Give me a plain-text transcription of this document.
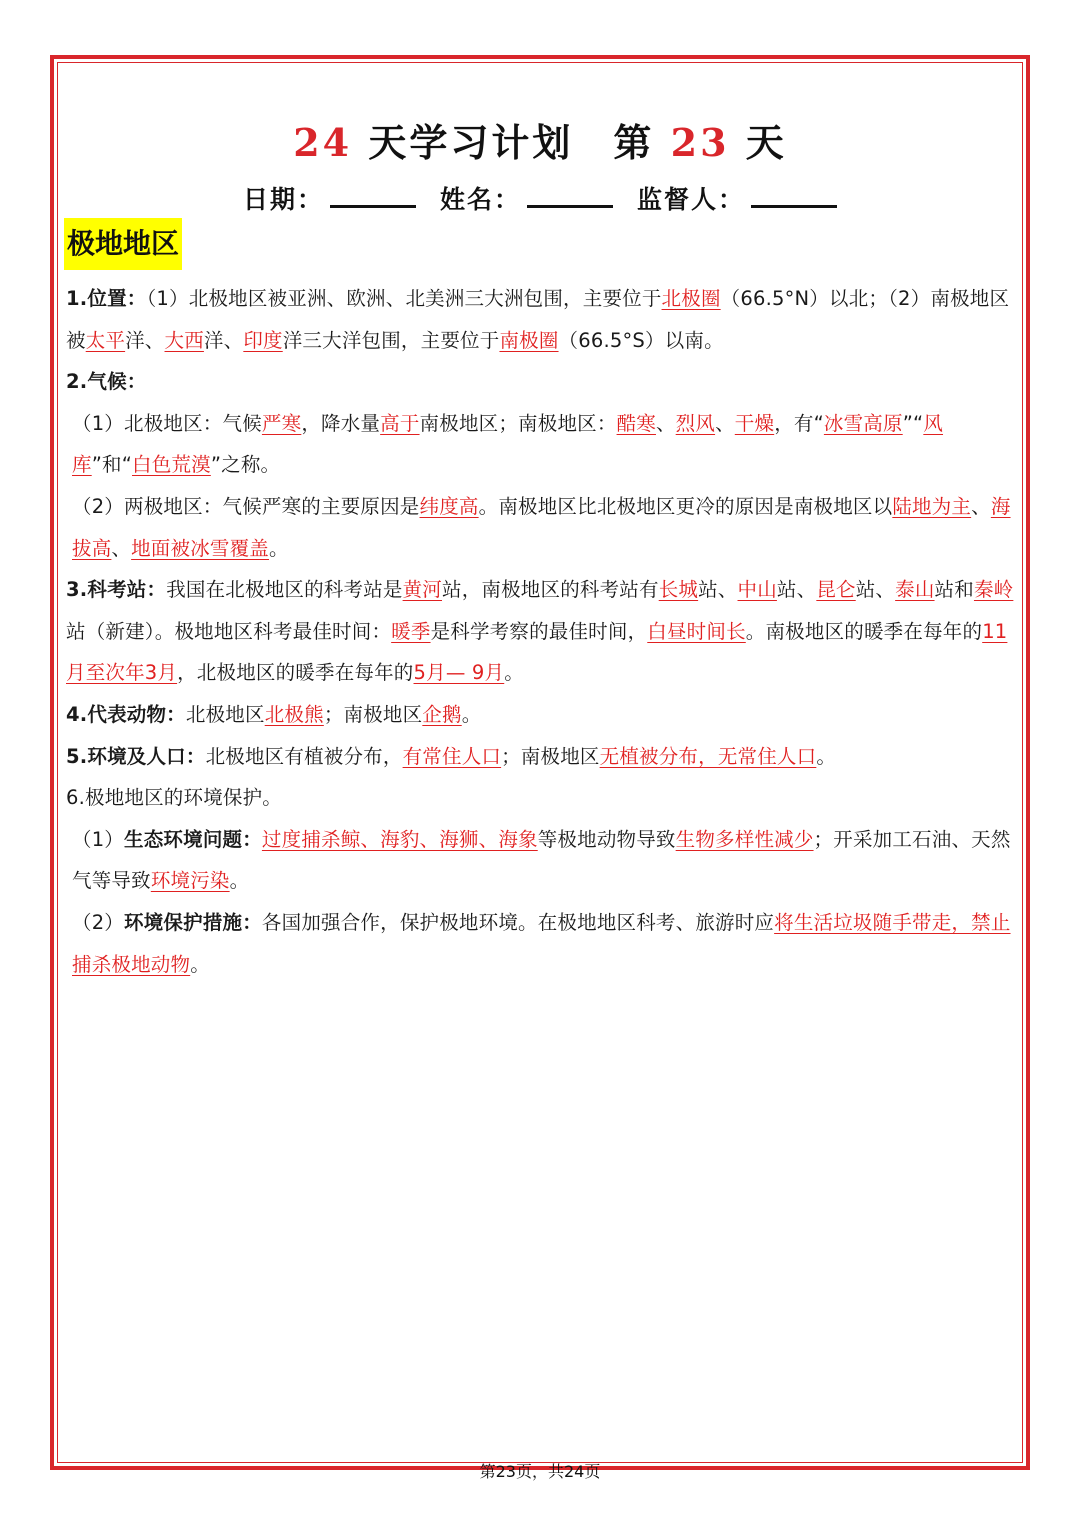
24 天学习计划 第 23 天
日期：	姓名：	监督人：
极地地区

1.位置：（1）北极地区被亚洲、欧洲、北美洲三大洲包围，主要位于北极圈（66.5°N）以北；（2）南极地区被太平洋、大西洋、印度洋三大洋包围，主要位于南极圈（66.5°S）以南。

2.气候：

（1）北极地区：气候严寒，降水量高于南极地区；南极地区：酷寒、烈风、干燥，有“冰雪高原”“风库”和“白色荒漠”之称。

（2）两极地区：气候严寒的主要原因是纬度高。南极地区比北极地区更冷的原因是南极地区以陆地为主、海拔高、地面被冰雪覆盖。

3.科考站：我国在北极地区的科考站是黄河站，南极地区的科考站有长城站、中山站、昆仑站、泰山站和秦岭站（新建）。极地地区科考最佳时间：暖季是科学考察的最佳时间，白昼时间长。南极地区的暖季在每年的11月至次年3月，北极地区的暖季在每年的5月— 9月。

4.代表动物：北极地区北极熊；南极地区企鹅。

5.环境及人口：北极地区有植被分布，有常住人口；南极地区无植被分布，无常住人口。

6.极地地区的环境保护。

（1）生态环境问题：过度捕杀鲸、海豹、海狮、海象等极地动物导致生物多样性减少；开采加工石油、天然气等导致环境污染。

（2）环境保护措施：各国加强合作，保护极地环境。在极地地区科考、旅游时应将生活垃圾随手带走，禁止捕杀极地动物。

第23页，共24页
